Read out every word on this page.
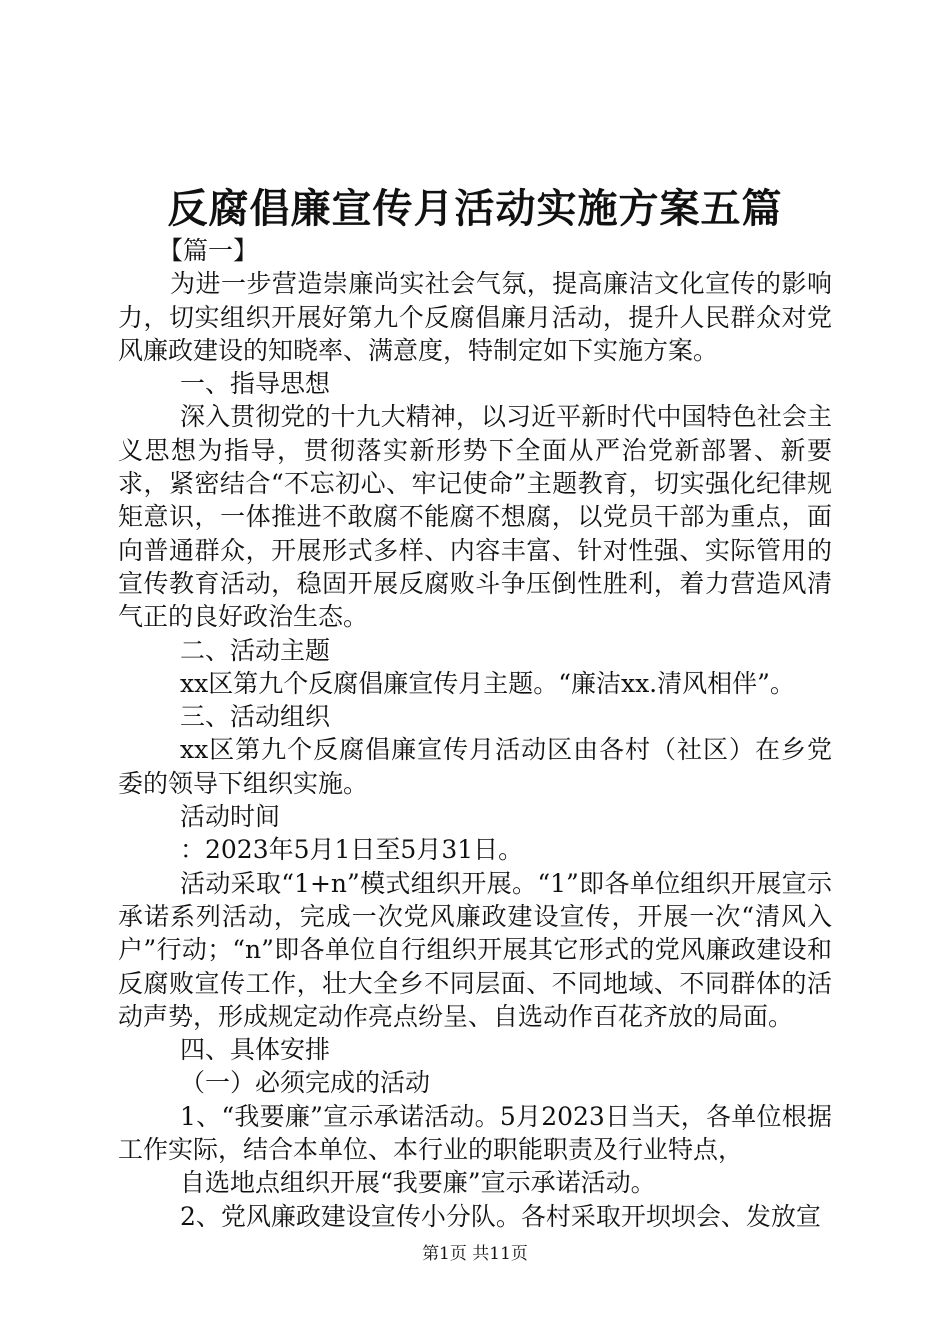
反腐倡廉宣传月活动实施方案五篇

【篇一】

为进一步营造崇廉尚实社会气氛，提高廉洁文化宣传的影响力，切实组织开展好第九个反腐倡廉月活动，提升人民群众对党风廉政建设的知晓率、满意度，特制定如下实施方案。

一、指导思想

深入贯彻党的十九大精神，以习近平新时代中国特色社会主义思想为指导，贯彻落实新形势下全面从严治党新部署、新要求，紧密结合“不忘初心、牢记使命”主题教育，切实强化纪律规矩意识，一体推进不敢腐不能腐不想腐，以党员干部为重点，面向普通群众，开展形式多样、内容丰富、针对性强、实际管用的宣传教育活动，稳固开展反腐败斗争压倒性胜利，着力营造风清气正的良好政治生态。

二、活动主题

xx区第九个反腐倡廉宣传月主题。“廉洁xx.清风相伴”。

三、活动组织

xx区第九个反腐倡廉宣传月活动区由各村（社区）在乡党委的领导下组织实施。

活动时间

：2023年5月1日至5月31日。

活动采取“1+n”模式组织开展。“1”即各单位组织开展宣示承诺系列活动，完成一次党风廉政建设宣传，开展一次“清风入户”行动；“n”即各单位自行组织开展其它形式的党风廉政建设和反腐败宣传工作，壮大全乡不同层面、不同地域、不同群体的活动声势，形成规定动作亮点纷呈、自选动作百花齐放的局面。

四、具体安排

（一）必须完成的活动

1、“我要廉”宣示承诺活动。5月2023日当天，各单位根据工作实际，结合本单位、本行业的职能职责及行业特点，

自选地点组织开展“我要廉”宣示承诺活动。

2、党风廉政建设宣传小分队。各村采取开坝坝会、发放宣

第1页 共11页
